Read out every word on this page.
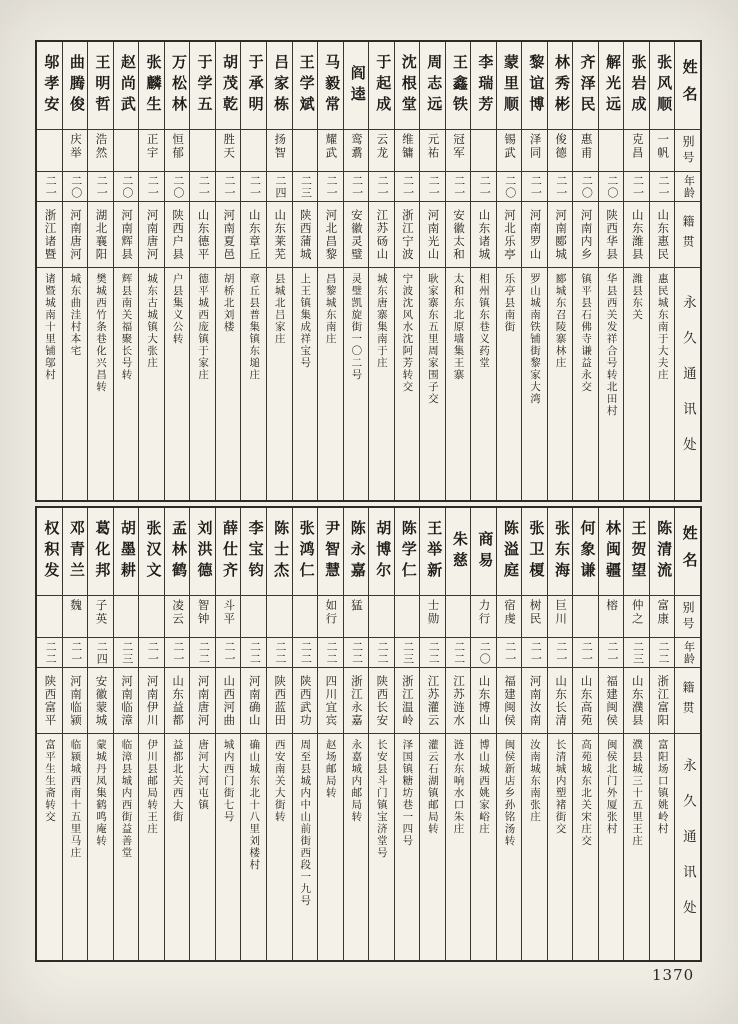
姓名
别号
年龄
籍贯
永久通讯处
张风顺
一帆
二一
山东惠民
惠民城东南于大夫庄
张岩成
克昌
二一
山东潍县
潍县东关
解光远
二〇
陕西华县
华县西关发祥合号转北田村
齐泽民
惠甫
二〇
河南内乡
镇平县石佛寺谦益永交
林秀彬
俊德
二一
河南郾城
郾城东召陵寨林庄
黎谊博
泽同
二一
河南罗山
罗山城南铁铺街黎家大湾
蒙里顺
锡武
二〇
河北乐亭
乐亭县南街
李瑞芳
二一
山东诸城
相州镇东巷义药堂
王鑫铁
冠军
二一
安徽太和
太和东北原墙集王寨
周志远
元祐
二一
河南光山
耿家寨东五里周家围子交
沈根堂
维镛
二一
浙江宁波
宁波沈风水沈阿芳转交
于起成
云龙
二一
江苏砀山
城东唐寨集南于庄
阎逵
鸾翥
二一
安徽灵璧
灵璧凯旋街一〇二号
马毅常
耀武
二一
河北昌黎
昌黎城东南庄
王学斌
二三
陕西蒲城
上王镇集成祥宝号
吕家栋
扬智
二四
山东莱芜
县城北吕家庄
于承明
二一
山东章丘
章丘县普集镇东塠庄
胡茂乾
胜天
二一
河南夏邑
胡桥北刘楼
于学五
二一
山东德平
德平城西庞镇于家庄
万松林
恒郁
二〇
陕西户县
户县集义公转
张麟生
正宇
二一
河南唐河
城东古城镇大张庄
赵尚武
二〇
河南辉县
辉县南关福聚长号转
王明哲
浩然
二一
湖北襄阳
樊城西竹条巷化兴昌转
曲腾俊
庆举
二〇
河南唐河
城东曲洼村本宅
邬孝安
二一
浙江诸暨
诸暨城南十里铺邬村
姓名
别号
年龄
籍贯
永久通讯处
陈清流
富康
二二
浙江富阳
富阳场口镇姚岭村
王贺望
仲之
二三
山东濮县
濮县城三十五里王庄
林闽疆
榕
二一
福建闽侯
闽侯北门外厦张村
何象谦
二一
山东高苑
高苑城东北关宋庄交
张东海
巨川
二一
山东长清
长清城内塑褚街交
张卫榎
树民
二一
河南汝南
汝南城东南张庄
陈溢庭
宿虔
二一
福建闽侯
闽侯新店乡孙铭汤转
商易
力行
二〇
山东博山
博山城西姚家峪庄
朱慈
二二
江苏涟水
涟水东响水口朱庄
王举新
士勋
二二
江苏灌云
灌云石湖镇邮局转
陈学仁
二三
浙江温岭
泽国镇糖坊巷一四号
胡博尔
二二
陕西长安
长安县斗门镇宝济堂号
陈永嘉
猛
二二
浙江永嘉
永嘉城内邮局转
尹智慧
如行
二二
四川宜宾
赵场邮局转
张鸿仁
二二
陕西武功
周至县城内中山前街西段一九号
陈士杰
二二
陕西蓝田
西安南关大街转
李宝钧
二二
河南确山
确山城东北十八里刘楼村
薛仕齐
斗平
二一
山西河曲
城内西门街七号
刘洪德
智钟
二二
河南唐河
唐河大河屯镇
孟林鹤
凌云
二一
山东益都
益都北关西大街
张汉文
二一
河南伊川
伊川县邮局转王庄
胡墨耕
二三
河南临漳
临漳县城内西街益善堂
葛化邦
子英
二四
安徽蒙城
蒙城丹凤集鹤鸣庵转
邓青兰
魏
二一
河南临颍
临颍城西南十五里马庄
权积发
二二
陕西富平
富平生生斋转交
1370
